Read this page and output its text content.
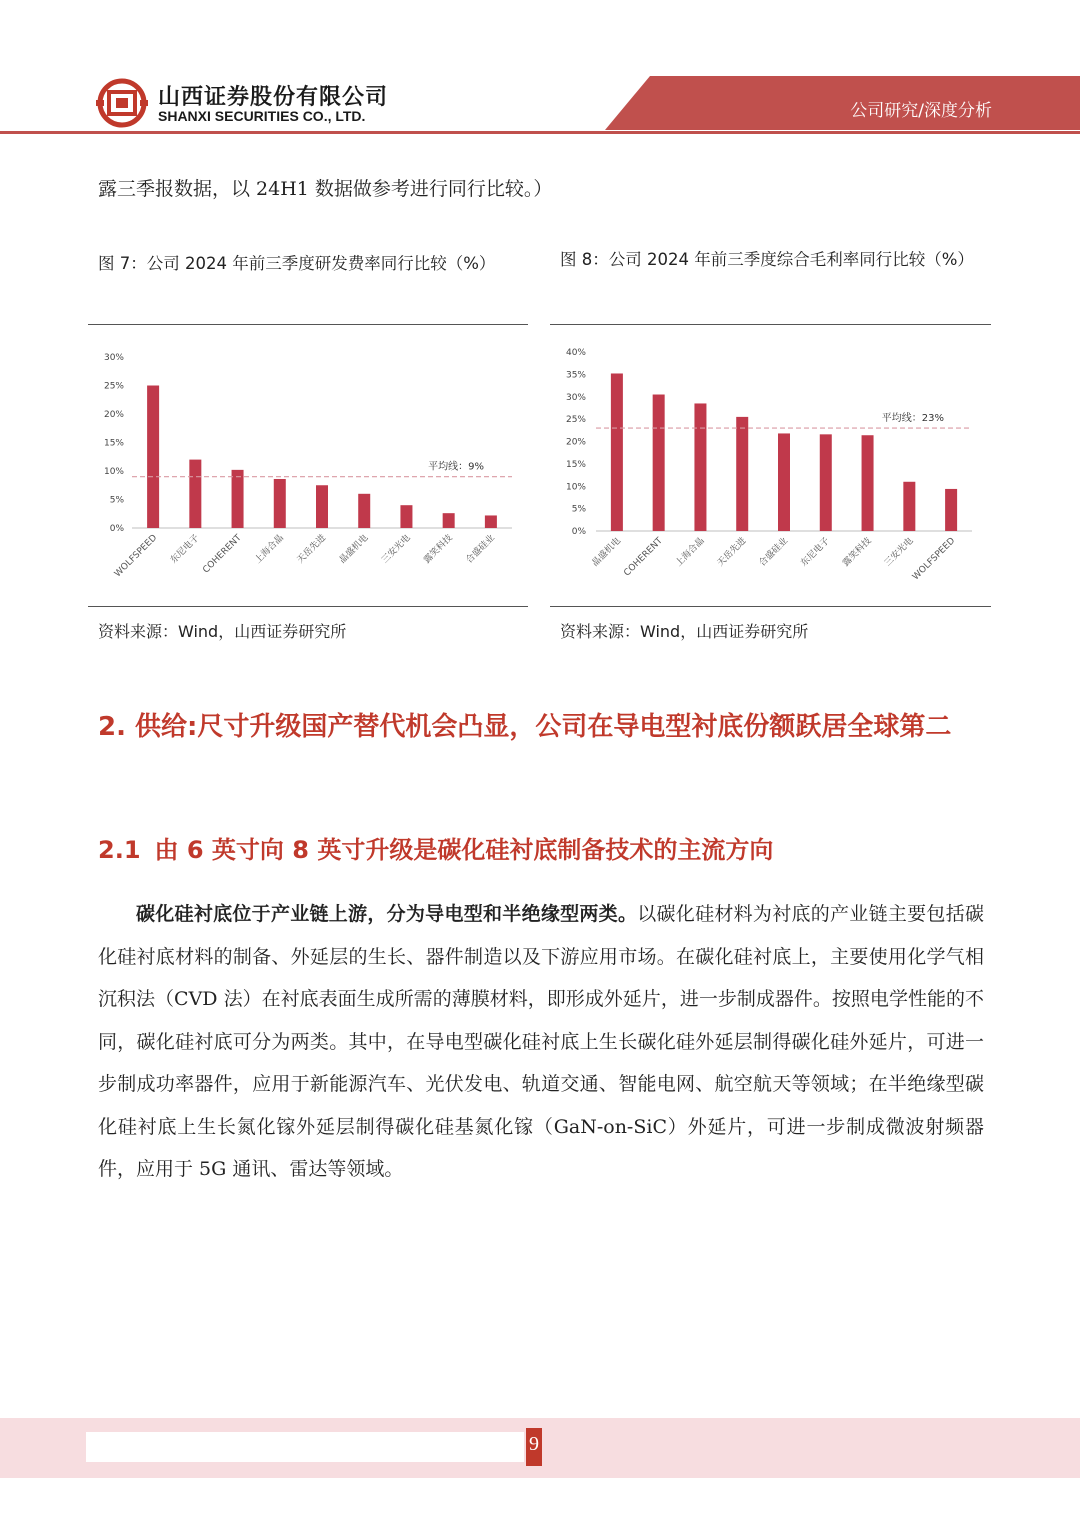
山西证券股份有限公司
SHANXI SECURITIES CO., LTD.	公司研究/深度分析
露三季报数据，以 24H1 数据做参考进行同行比较。）
图 7：公司 2024 年前三季度研发费率同行比较（%）	图 8：公司 2024 年前三季度综合毛利率同行比较（%）
0%
5%
10%
15%
20%
25%
30%
WOLFSPEED 东尼电子 COHERENT 上海合晶 天岳先进 晶盛机电 三安光电 露笑科技 合盛硅业
平均线：9%
0%
5%
10%
15%
20%
25%
30%
35%
40%
晶盛机电 COHERENT 上海合晶 天岳先进 合盛硅业 东尼电子 露笑科技 三安光电
WOLFSPEED
平均线：23%
资料来源：Wind，山西证券研究所	资料来源：Wind，山西证券研究所
2. 供给:尺寸升级国产替代机会凸显，公司在导电型衬底份额跃居全球第二
2.1 由 6 英寸向 8 英寸升级是碳化硅衬底制备技术的主流方向
碳化硅衬底位于产业链上游，分为导电型和半绝缘型两类。以碳化硅材料为衬底的产业链主要包括碳化硅衬底材料的制备、外延层的生长、器件制造以及下游应用市场。在碳化硅衬底上，主要使用化学气相沉积法（CVD 法）在衬底表面生成所需的薄膜材料，即形成外延片，进一步制成器件。按照电学性能的不同，碳化硅衬底可分为两类。其中，在导电型碳化硅衬底上生长碳化硅外延层制得碳化硅外延片，可进一步制成功率器件，应用于新能源汽车、光伏发电、轨道交通、智能电网、航空航天等领域；在半绝缘型碳化硅衬底上生长氮化镓外延层制得碳化硅基氮化镓（GaN-on-SiC）外延片，可进一步制成微波射频器件，应用于 5G 通讯、雷达等领域。
9
